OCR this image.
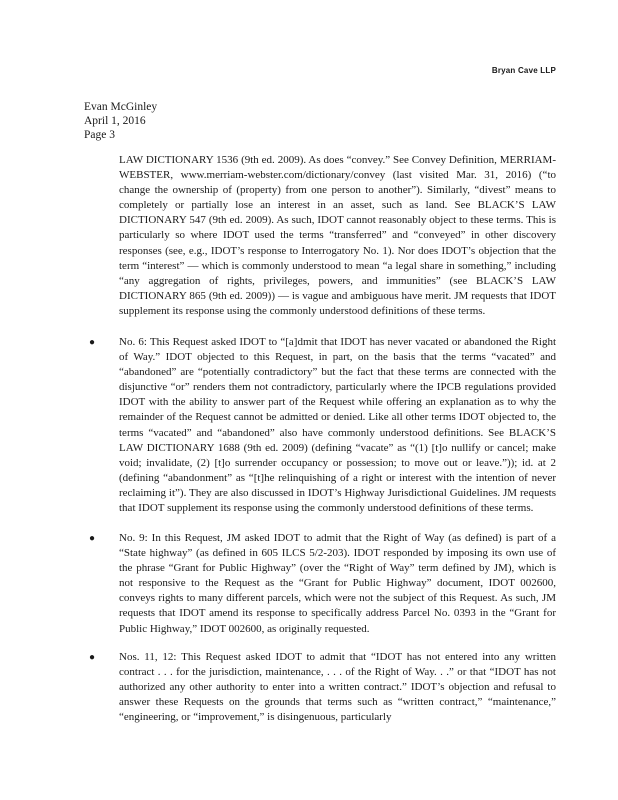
Bryan Cave LLP
Evan McGinley
April 1, 2016
Page 3
LAW DICTIONARY 1536 (9th ed. 2009). As does “convey.” See Convey Definition, MERRIAM-WEBSTER, www.merriam-webster.com/dictionary/convey (last visited Mar. 31, 2016) (“to change the ownership of (property) from one person to another”). Similarly, “divest” means to completely or partially lose an interest in an asset, such as land. See BLACK’S LAW DICTIONARY 547 (9th ed. 2009). As such, IDOT cannot reasonably object to these terms. This is particularly so where IDOT used the terms “transferred” and “conveyed” in other discovery responses (see, e.g., IDOT’s response to Interrogatory No. 1). Nor does IDOT’s objection that the term “interest” — which is commonly understood to mean “a legal share in something,” including “any aggregation of rights, privileges, powers, and immunities” (see BLACK’S LAW DICTIONARY 865 (9th ed. 2009)) — is vague and ambiguous have merit. JM requests that IDOT supplement its response using the commonly understood definitions of these terms.
● No. 6: This Request asked IDOT to “[a]dmit that IDOT has never vacated or abandoned the Right of Way.” IDOT objected to this Request, in part, on the basis that the terms “vacated” and “abandoned” are “potentially contradictory” but the fact that these terms are connected with the disjunctive “or” renders them not contradictory, particularly where the IPCB regulations provided IDOT with the ability to answer part of the Request while offering an explanation as to why the remainder of the Request cannot be admitted or denied. Like all other terms IDOT objected to, the terms “vacated” and “abandoned” also have commonly understood definitions. See BLACK’S LAW DICTIONARY 1688 (9th ed. 2009) (defining “vacate” as “(1) [t]o nullify or cancel; make void; invalidate, (2) [t]o surrender occupancy or possession; to move out or leave.”)); id. at 2 (defining “abandonment” as “[t]he relinquishing of a right or interest with the intention of never reclaiming it”). They are also discussed in IDOT’s Highway Jurisdictional Guidelines. JM requests that IDOT supplement its response using the commonly understood definitions of these terms.
● No. 9: In this Request, JM asked IDOT to admit that the Right of Way (as defined) is part of a “State highway” (as defined in 605 ILCS 5/2-203). IDOT responded by imposing its own use of the phrase “Grant for Public Highway” (over the “Right of Way” term defined by JM), which is not responsive to the Request as the “Grant for Public Highway” document, IDOT 002600, conveys rights to many different parcels, which were not the subject of this Request. As such, JM requests that IDOT amend its response to specifically address Parcel No. 0393 in the “Grant for Public Highway,” IDOT 002600, as originally requested.
● Nos. 11, 12: This Request asked IDOT to admit that “IDOT has not entered into any written contract . . . for the jurisdiction, maintenance, . . . of the Right of Way. . .” or that “IDOT has not authorized any other authority to enter into a written contract.” IDOT’s objection and refusal to answer these Requests on the grounds that terms such as “written contract,” “maintenance,” “engineering, or “improvement,” is disingenuous, particularly
